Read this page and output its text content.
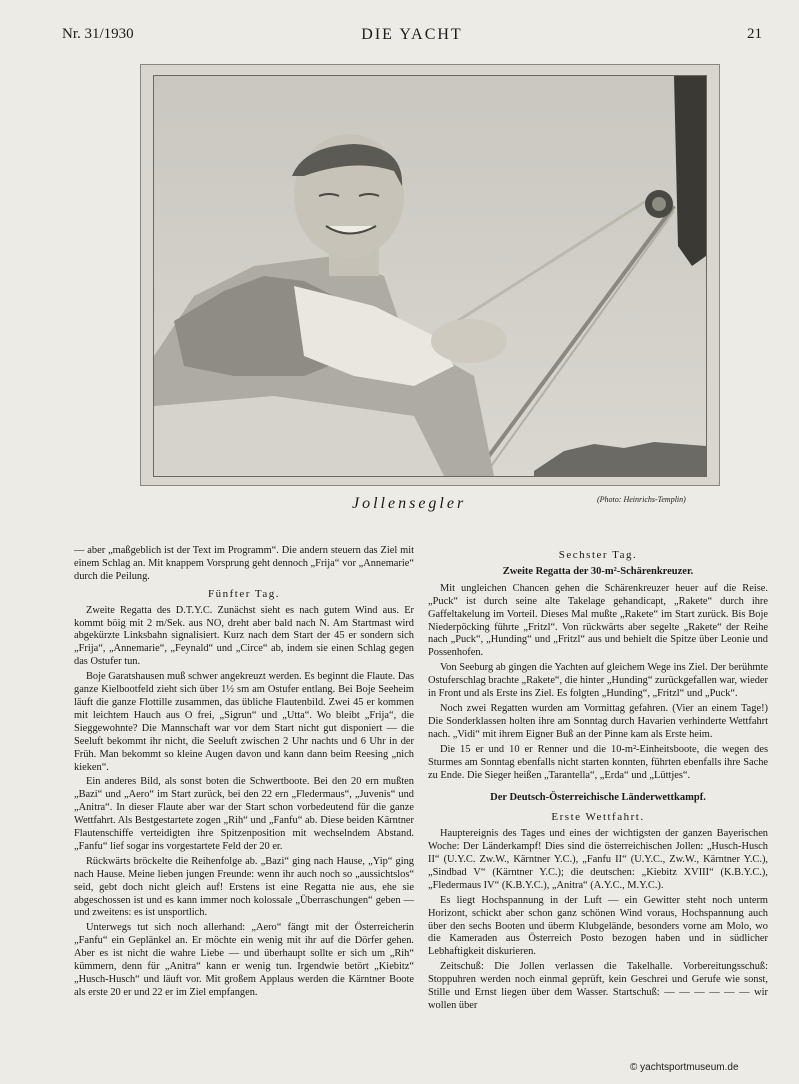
Nr. 31/1930	DIE YACHT	21
Jollensegler	(Photo: Heinrichs-Templin)

— aber „maßgeblich ist der Text im Programm“. Die andern steuern das Ziel mit einem Schlag an. Mit knappem Vorsprung geht dennoch „Frija“ vor „Annemarie“ durch die Peilung.

Fünfter Tag.

Zweite Regatta des D.T.Y.C. Zunächst sieht es nach gutem Wind aus. Er kommt böig mit 2 m/Sek. aus NO, dreht aber bald nach N. Am Startmast wird abgekürzte Linksbahn signalisiert. Kurz nach dem Start der 45 er sondern sich „Frija“, „Annemarie“, „Feynald“ und „Circe“ ab, indem sie einen Schlag gegen das Ostufer tun.

Boje Garatshausen muß schwer angekreuzt werden. Es beginnt die Flaute. Das ganze Kielbootfeld zieht sich über 1½ sm am Ostufer entlang. Bei Boje Seeheim läuft die ganze Flottille zusammen, das übliche Flautenbild. Zwei 45 er kommen mit leichtem Hauch aus O frei, „Sigrun“ und „Utta“. Wo bleibt „Frija“, die Sieggewohnte? Die Mannschaft war vor dem Start nicht gut disponiert — die Seeluft bekommt ihr nicht, die Seeluft zwischen 2 Uhr nachts und 6 Uhr in der Früh. Man bekommt so kleine Augen davon und kann dann beim Reesing „nich kieken“.

Ein anderes Bild, als sonst boten die Schwertboote. Bei den 20 ern mußten „Bazi“ und „Aero“ im Start zurück, bei den 22 ern „Fledermaus“, „Juvenis“ und „Anitra“. In dieser Flaute aber war der Start schon vorbedeutend für die ganze Wettfahrt. Als Bestgestartete zogen „Rih“ und „Fanfu“ ab. Diese beiden Kärntner Flautenschiffe verteidigten ihre Spitzenposition mit wechselndem Abstand. „Fanfu“ lief sogar ins vorgestartete Feld der 20 er.

Rückwärts bröckelte die Reihenfolge ab. „Bazi“ ging nach Hause, „Yip“ ging nach Hause. Meine lieben jungen Freunde: wenn ihr auch noch so „aussichtslos“ seid, gebt doch nicht gleich auf! Erstens ist eine Regatta nie aus, ehe sie abgeschossen ist und es kann immer noch kolossale „Überraschungen“ geben — und zweitens: es ist unsportlich.

Unterwegs tut sich noch allerhand: „Aero“ fängt mit der Österreicherin „Fanfu“ ein Geplänkel an. Er möchte ein wenig mit ihr auf die Dörfer gehen. Aber es ist nicht die wahre Liebe — und überhaupt sollte er sich um „Rih“ kümmern, denn für „Anitra“ kann er wenig tun. Irgendwie betört „Kiebitz“ „Husch-Husch“ und läuft vor. Mit großem Applaus werden die Kärntner Boote als erste 20 er und 22 er im Ziel empfangen.

Sechster Tag.
Zweite Regatta der 30-m²-Schärenkreuzer.

Mit ungleichen Chancen gehen die Schärenkreuzer heuer auf die Reise. „Puck“ ist durch seine alte Takelage gehandicapt, „Rakete“ durch ihre Gaffeltakelung im Vorteil. Dieses Mal mußte „Rakete“ im Start zurück. Bis Boje Niederpöcking führte „Fritzl“. Von rückwärts aber segelte „Rakete“ der Reihe nach „Puck“, „Hunding“ und „Fritzl“ aus und behielt die Spitze über Leonie und Possenhofen.

Von Seeburg ab gingen die Yachten auf gleichem Wege ins Ziel. Der berühmte Ostuferschlag brachte „Rakete“, die hinter „Hunding“ zurückgefallen war, wieder in Front und als Erste ins Ziel. Es folgten „Hunding“, „Fritzl“ und „Puck“.

Noch zwei Regatten wurden am Vormittag gefahren. (Vier an einem Tage!) Die Sonderklassen holten ihre am Sonntag durch Havarien verhinderte Wettfahrt nach. „Vidi“ mit ihrem Eigner Buß an der Pinne kam als Erste heim.

Die 15 er und 10 er Renner und die 10-m²-Einheitsboote, die wegen des Sturmes am Sonntag ebenfalls nicht starten konnten, führten ebenfalls ihre Sache zu Ende. Die Sieger heißen „Tarantella“, „Erda“ und „Lüttjes“.

Der Deutsch-Österreichische Länderwettkampf.
Erste Wettfahrt.

Hauptereignis des Tages und eines der wichtigsten der ganzen Bayerischen Woche: Der Länderkampf! Dies sind die österreichischen Jollen: „Husch-Husch II“ (U.Y.C. Zw.W., Kärntner Y.C.), „Fanfu II“ (U.Y.C., Zw.W., Kärntner Y.C.), „Sindbad V“ (Kärntner Y.C.); die deutschen: „Kiebitz XVIII“ (K.B.Y.C.), „Fledermaus IV“ (K.B.Y.C.), „Anitra“ (A.Y.C., M.Y.C.).

Es liegt Hochspannung in der Luft — ein Gewitter steht noch unterm Horizont, schickt aber schon ganz schönen Wind voraus, Hochspannung auch über den sechs Booten und überm Klubgelände, besonders vorne am Molo, wo die Kameraden aus Österreich Posto bezogen haben und in südlicher Lebhaftigkeit diskurieren.

Zeitschuß: Die Jollen verlassen die Takelhalle. Vorbereitungsschuß: Stoppuhren werden noch einmal geprüft, kein Geschrei und Gerufe wie sonst, Stille und Ernst liegen über dem Wasser. Startschuß: — — — — — — wir wollen über

© yachtsportmuseum.de
